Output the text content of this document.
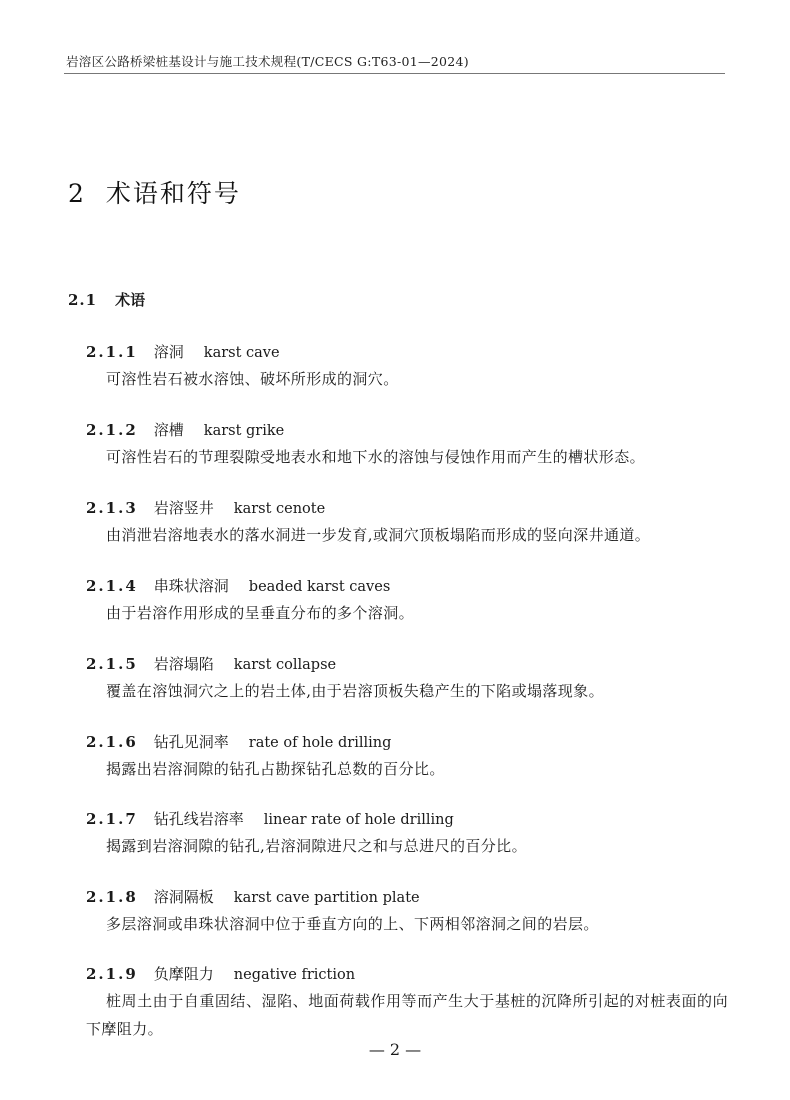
岩溶区公路桥梁桩基设计与施工技术规程(T/CECS G:T63-01—2024)
2 术语和符号
2.1 术语
2.1.1 溶洞 karst cave
可溶性岩石被水溶蚀、破坏所形成的洞穴。
2.1.2 溶槽 karst grike
可溶性岩石的节理裂隙受地表水和地下水的溶蚀与侵蚀作用而产生的槽状形态。
2.1.3 岩溶竖井 karst cenote
由消泄岩溶地表水的落水洞进一步发育,或洞穴顶板塌陷而形成的竖向深井通道。
2.1.4 串珠状溶洞 beaded karst caves
由于岩溶作用形成的呈垂直分布的多个溶洞。
2.1.5 岩溶塌陷 karst collapse
覆盖在溶蚀洞穴之上的岩土体,由于岩溶顶板失稳产生的下陷或塌落现象。
2.1.6 钻孔见洞率 rate of hole drilling
揭露出岩溶洞隙的钻孔占勘探钻孔总数的百分比。
2.1.7 钻孔线岩溶率 linear rate of hole drilling
揭露到岩溶洞隙的钻孔,岩溶洞隙进尺之和与总进尺的百分比。
2.1.8 溶洞隔板 karst cave partition plate
多层溶洞或串珠状溶洞中位于垂直方向的上、下两相邻溶洞之间的岩层。
2.1.9 负摩阻力 negative friction
桩周土由于自重固结、湿陷、地面荷载作用等而产生大于基桩的沉降所引起的对桩表面的向下摩阻力。
— 2 —
